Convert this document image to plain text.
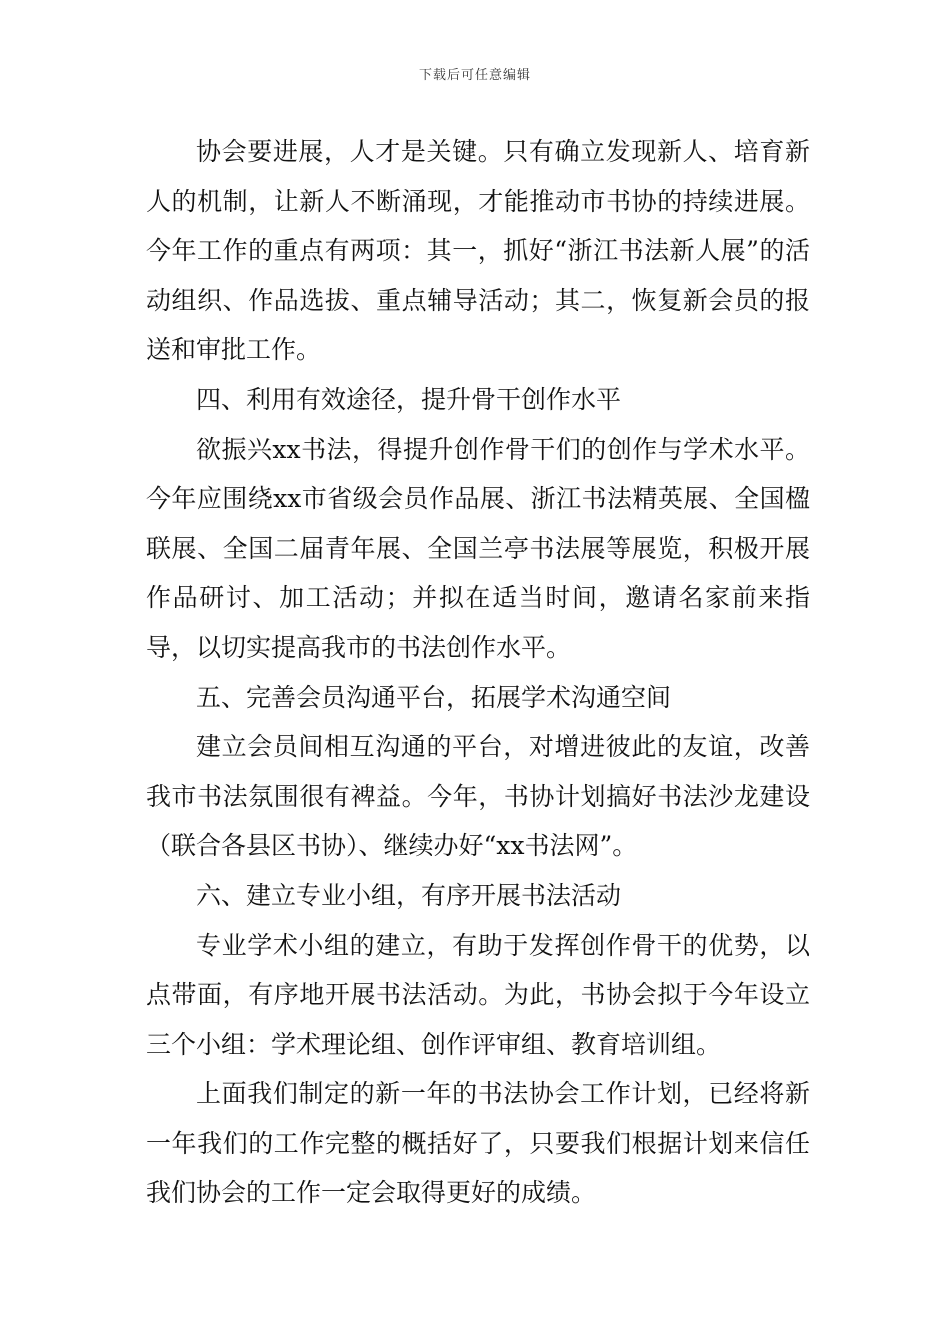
下载后可任意编辑

协会要进展，人才是关键。只有确立发现新人、培育新人的机制，让新人不断涌现，才能推动市书协的持续进展。今年工作的重点有两项：其一，抓好“浙江书法新人展”的活动组织、作品选拔、重点辅导活动；其二，恢复新会员的报送和审批工作。

四、利用有效途径，提升骨干创作水平

欲振兴xx书法，得提升创作骨干们的创作与学术水平。今年应围绕xx市省级会员作品展、浙江书法精英展、全国楹联展、全国二届青年展、全国兰亭书法展等展览，积极开展作品研讨、加工活动；并拟在适当时间，邀请名家前来指导，以切实提高我市的书法创作水平。

五、完善会员沟通平台，拓展学术沟通空间

建立会员间相互沟通的平台，对增进彼此的友谊，改善我市书法氛围很有裨益。今年，书协计划搞好书法沙龙建设（联合各县区书协）、继续办好“xx书法网”。

六、建立专业小组，有序开展书法活动

专业学术小组的建立，有助于发挥创作骨干的优势，以点带面，有序地开展书法活动。为此，书协会拟于今年设立三个小组：学术理论组、创作评审组、教育培训组。

上面我们制定的新一年的书法协会工作计划，已经将新一年我们的工作完整的概括好了，只要我们根据计划来信任我们协会的工作一定会取得更好的成绩。
